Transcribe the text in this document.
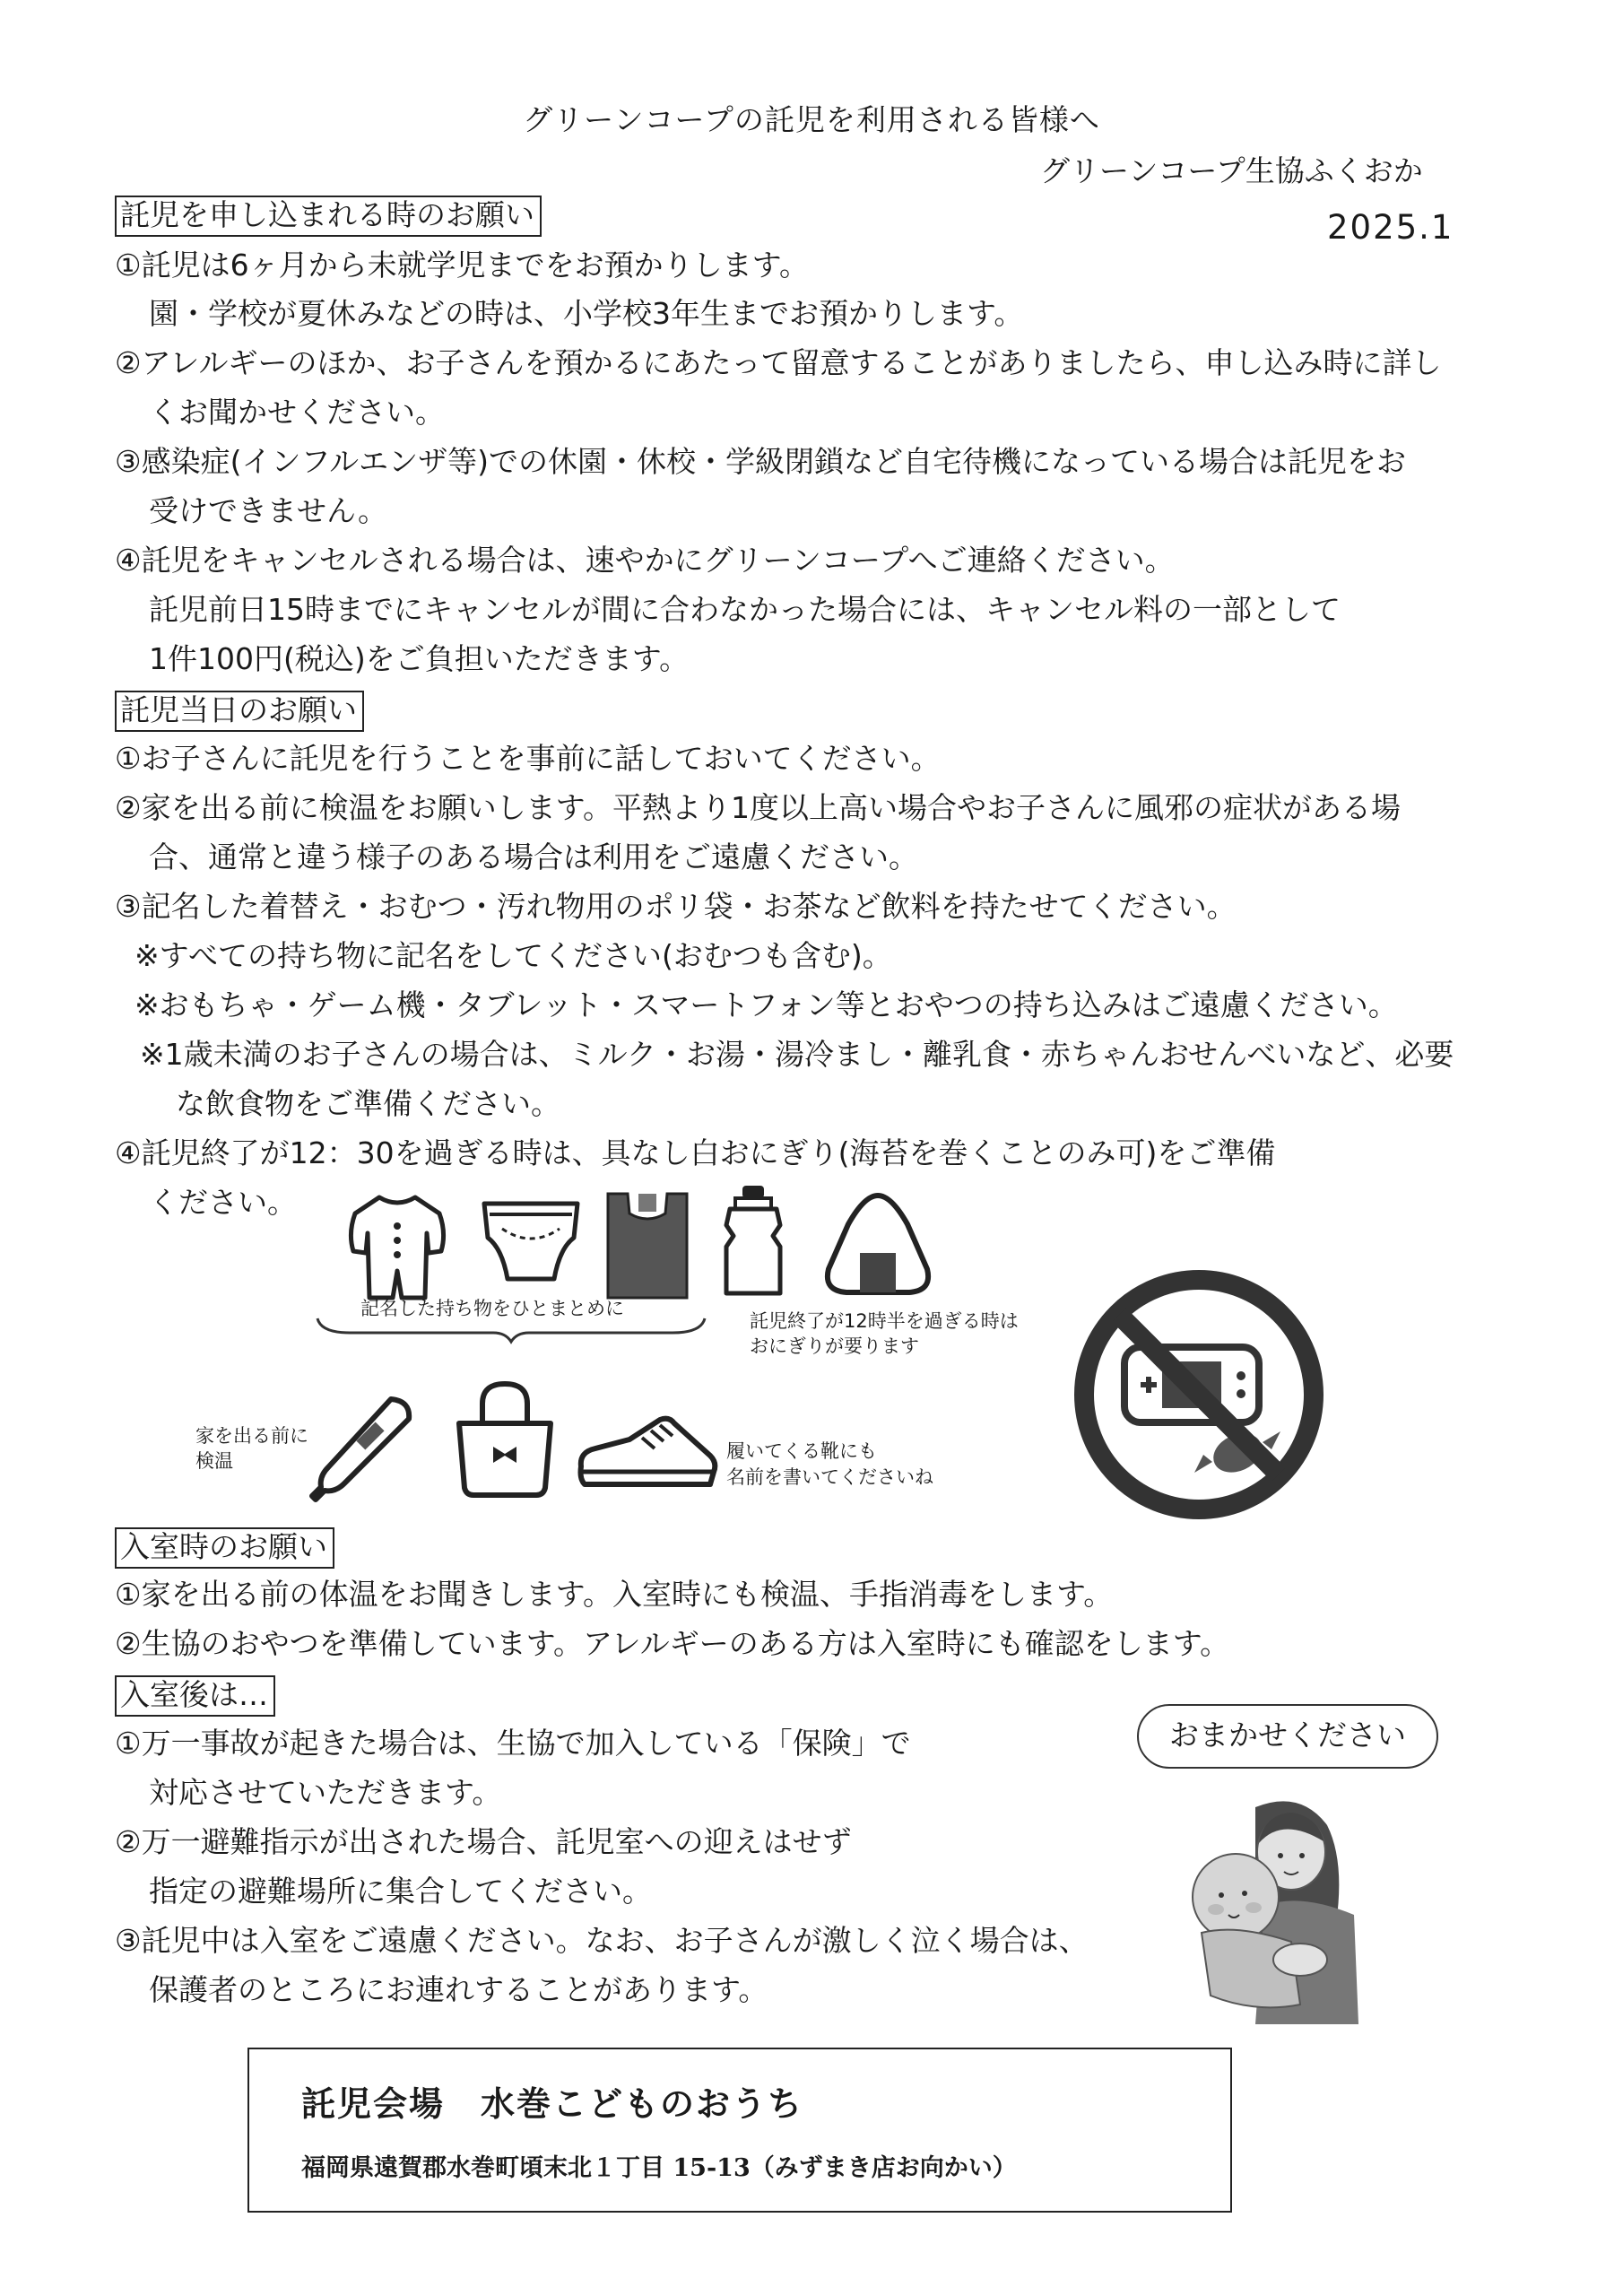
グリーンコープの託児を利用される皆様へ
グリーンコープ生協ふくおか
2025.1
託児を申し込まれる時のお願い
①託児は6ヶ月から未就学児までをお預かりします。
園・学校が夏休みなどの時は、小学校3年生までお預かりします。
②アレルギーのほか、お子さんを預かるにあたって留意することがありましたら、申し込み時に詳し
くお聞かせください。
③感染症(インフルエンザ等)での休園・休校・学級閉鎖など自宅待機になっている場合は託児をお
受けできません。
④託児をキャンセルされる場合は、速やかにグリーンコープへご連絡ください。
託児前日15時までにキャンセルが間に合わなかった場合には、キャンセル料の一部として
1件100円(税込)をご負担いただきます。
託児当日のお願い
①お子さんに託児を行うことを事前に話しておいてください。
②家を出る前に検温をお願いします。平熱より1度以上高い場合やお子さんに風邪の症状がある場
合、通常と違う様子のある場合は利用をご遠慮ください。
③記名した着替え・おむつ・汚れ物用のポリ袋・お茶など飲料を持たせてください。
※すべての持ち物に記名をしてください(おむつも含む)。
※おもちゃ・ゲーム機・タブレット・スマートフォン等とおやつの持ち込みはご遠慮ください。
※1歳未満のお子さんの場合は、ミルク・お湯・湯冷まし・離乳食・赤ちゃんおせんべいなど、必要
な飲食物をご準備ください。
④託児終了が12：30を過ぎる時は、具なし白おにぎり(海苔を巻くことのみ可)をご準備
ください。
記名した持ち物をひとまとめに
託児終了が12時半を過ぎる時は
おにぎりが要ります
家を出る前に
検温	履いてくる靴にも
名前を書いてくださいね
入室時のお願い
①家を出る前の体温をお聞きします。入室時にも検温、手指消毒をします。
②生協のおやつを準備しています。アレルギーのある方は入室時にも確認をします。
入室後は…
①万一事故が起きた場合は、生協で加入している「保険」で
対応させていただきます。
②万一避難指示が出された場合、託児室への迎えはせず
指定の避難場所に集合してください。
③託児中は入室をご遠慮ください。なお、お子さんが激しく泣く場合は、
保護者のところにお連れすることがあります。
おまかせください
託児会場　水巻こどものおうち
福岡県遠賀郡水巻町頃末北１丁目 15-13（みずまき店お向かい）
